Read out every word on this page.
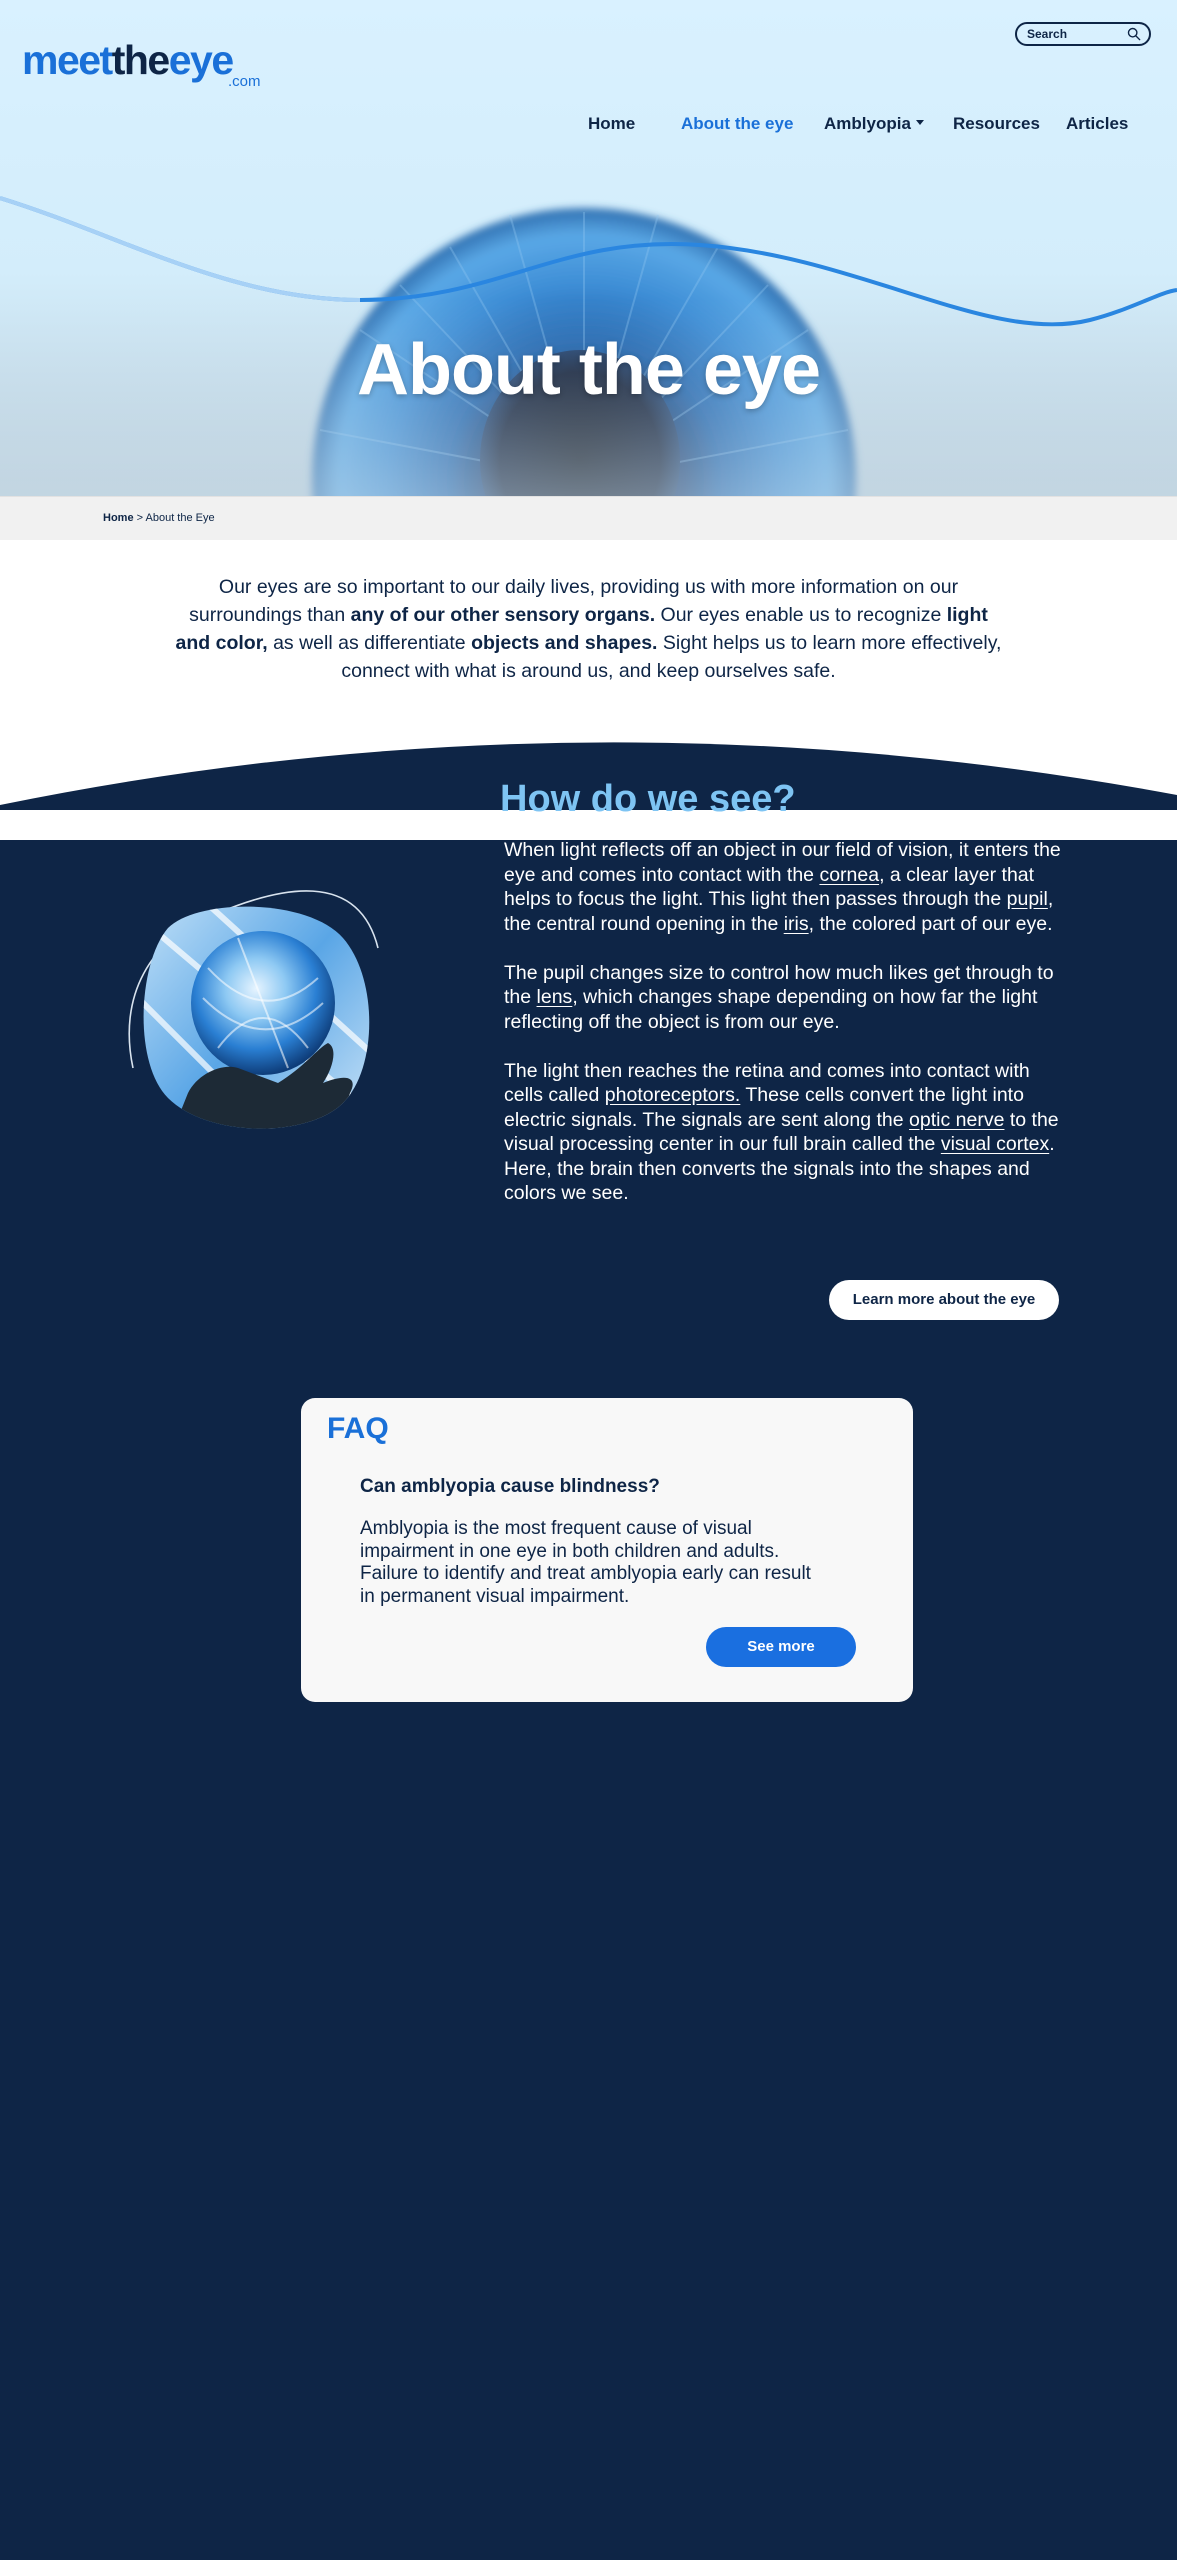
meettheeye
.com
Search
Home	About the eye Amblyopia	Resources Articles
About the eye
Home > About the Eye
Our eyes are so important to our daily lives, providing us with more information on our surroundings than any of our other sensory organs. Our eyes enable us to recognize light and color, as well as differentiate objects and shapes. Sight helps us to learn more effectively, connect with what is around us, and keep ourselves safe.
How do we see?

When light reflects off an object in our field of vision, it enters the eye and comes into contact with the cornea, a clear layer that helps to focus the light. This light then passes through the pupil, the central round opening in the iris, the colored part of our eye.

The pupil changes size to control how much likes get through to the lens, which changes shape depending on how far the light reflecting off the object is from our eye.

The light then reaches the retina and comes into contact with cells called photoreceptors. These cells convert the light into electric signals. The signals are sent along the optic nerve to the visual processing center in our full brain called the visual cortex. Here, the brain then converts the signals into the shapes and colors we see.

Learn more about the eye
FAQ
Can amblyopia cause blindness?
Amblyopia is the most frequent cause of visual impairment in one eye in both children and adults. Failure to identify and treat amblyopia early can result in permanent visual impairment.
See more
